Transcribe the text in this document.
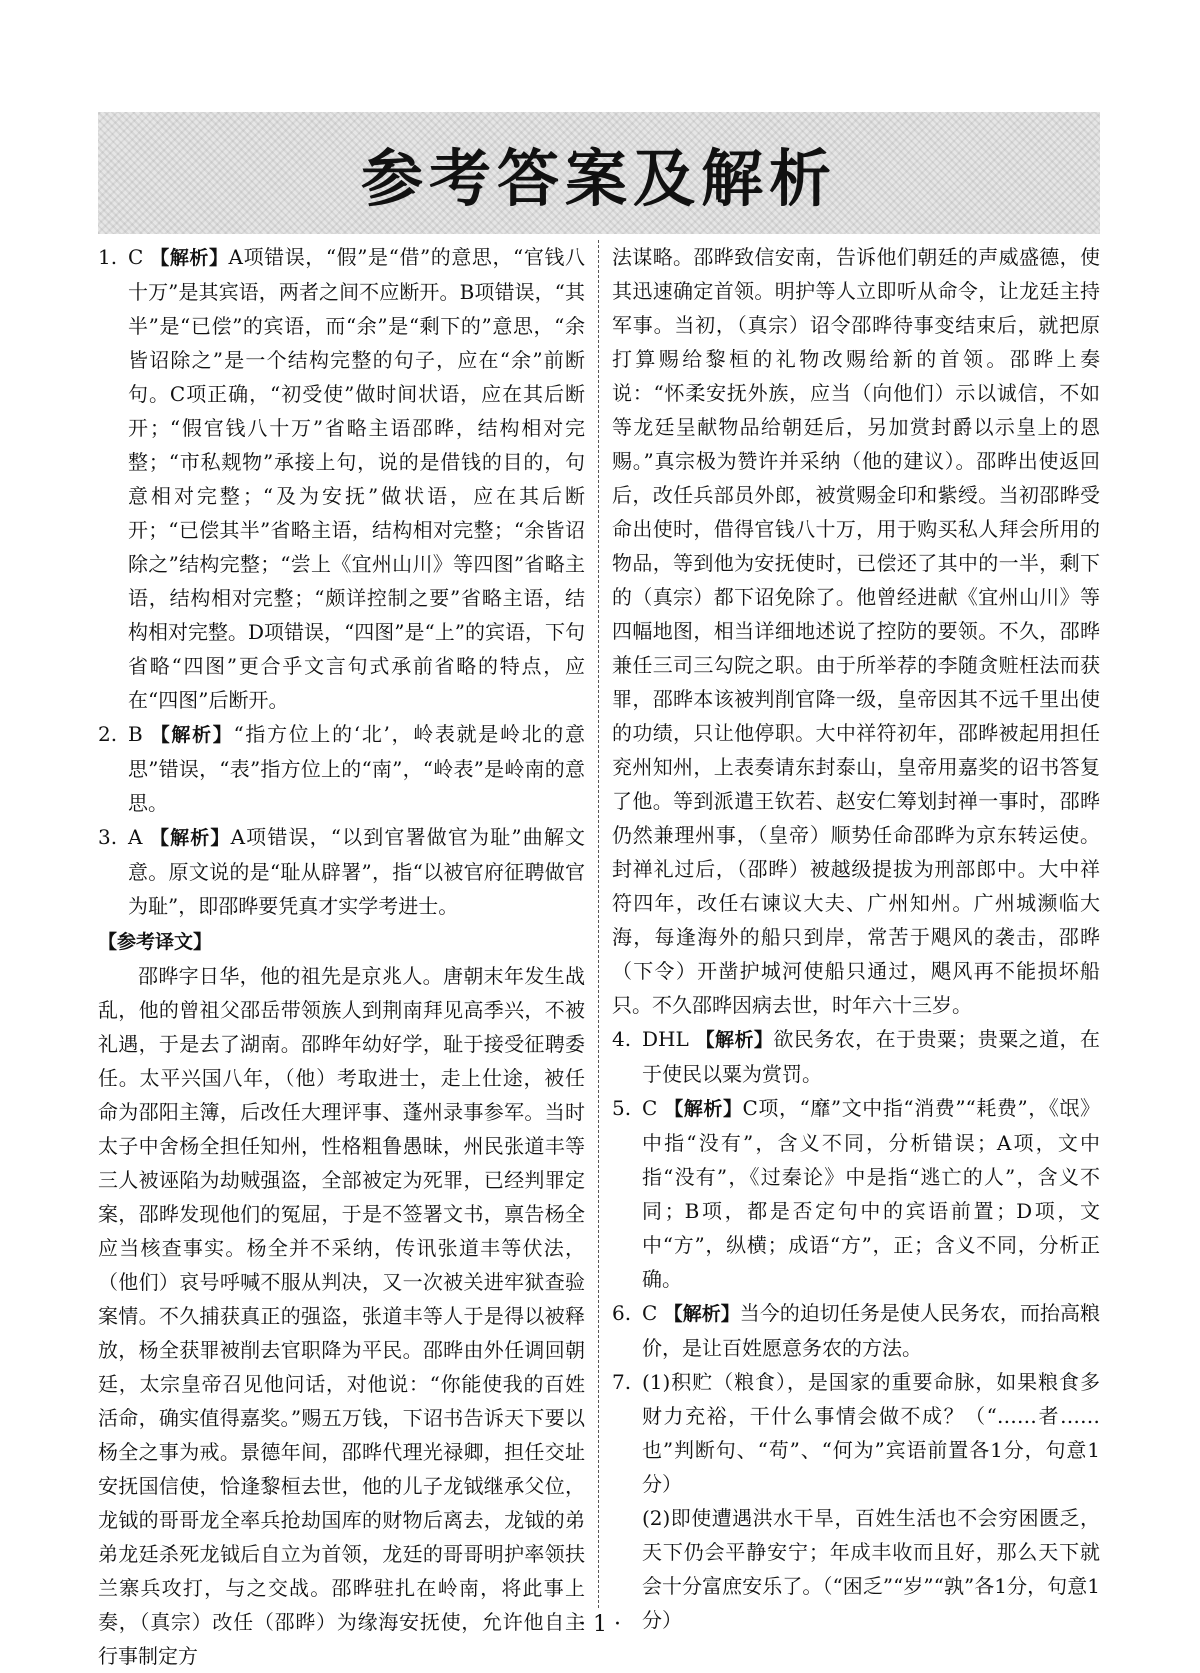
参考答案及解析
1. C 【解析】A项错误，“假”是“借”的意思，“官钱八十万”是其宾语，两者之间不应断开。B项错误，“其半”是“已偿”的宾语，而“余”是“剩下的”意思，“余皆诏除之”是一个结构完整的句子，应在“余”前断句。C项正确，“初受使”做时间状语，应在其后断开；“假官钱八十万”省略主语邵晔，结构相对完整；“市私觌物”承接上句，说的是借钱的目的，句意相对完整；“及为安抚”做状语，应在其后断开；“已偿其半”省略主语，结构相对完整；“余皆诏除之”结构完整；“尝上《宜州山川》等四图”省略主语，结构相对完整；“颇详控制之要”省略主语，结构相对完整。D项错误，“四图”是“上”的宾语，下句省略“四图”更合乎文言句式承前省略的特点，应在“四图”后断开。
2. B 【解析】“指方位上的‘北’，岭表就是岭北的意思”错误，“表”指方位上的“南”，“岭表”是岭南的意思。
3. A 【解析】A项错误，“以到官署做官为耻”曲解文意。原文说的是“耻从辟署”，指“以被官府征聘做官为耻”，即邵晔要凭真才实学考进士。
【参考译文】
邵晔字日华，他的祖先是京兆人。唐朝末年发生战乱，他的曾祖父邵岳带领族人到荆南拜见高季兴，不被礼遇，于是去了湖南。邵晔年幼好学，耻于接受征聘委任。太平兴国八年，（他）考取进士，走上仕途，被任命为邵阳主簿，后改任大理评事、蓬州录事参军。当时太子中舍杨全担任知州，性格粗鲁愚昧，州民张道丰等三人被诬陷为劫贼强盗，全部被定为死罪，已经判罪定案，邵晔发现他们的冤屈，于是不签署文书，禀告杨全应当核查事实。杨全并不采纳，传讯张道丰等伏法，（他们）哀号呼喊不服从判决，又一次被关进牢狱查验案情。不久捕获真正的强盗，张道丰等人于是得以被释放，杨全获罪被削去官职降为平民。邵晔由外任调回朝廷，太宗皇帝召见他问话，对他说：“你能使我的百姓活命，确实值得嘉奖。”赐五万钱，下诏书告诉天下要以杨全之事为戒。景德年间，邵晔代理光禄卿，担任交址安抚国信使，恰逢黎桓去世，他的儿子龙钺继承父位，龙钺的哥哥龙全率兵抢劫国库的财物后离去，龙钺的弟弟龙廷杀死龙钺后自立为首领，龙廷的哥哥明护率领扶兰寨兵攻打，与之交战。邵晔驻扎在岭南，将此事上奏，（真宗）改任（邵晔）为缘海安抚使，允许他自主行事制定方
法谋略。邵晔致信安南，告诉他们朝廷的声威盛德，使其迅速确定首领。明护等人立即听从命令，让龙廷主持军事。当初，（真宗）诏令邵晔待事变结束后，就把原打算赐给黎桓的礼物改赐给新的首领。邵晔上奏说：“怀柔安抚外族，应当（向他们）示以诚信，不如等龙廷呈献物品给朝廷后，另加赏封爵以示皇上的恩赐。”真宗极为赞许并采纳（他的建议）。邵晔出使返回后，改任兵部员外郎，被赏赐金印和紫绶。当初邵晔受命出使时，借得官钱八十万，用于购买私人拜会所用的物品，等到他为安抚使时，已偿还了其中的一半，剩下的（真宗）都下诏免除了。他曾经进献《宜州山川》等四幅地图，相当详细地述说了控防的要领。不久，邵晔兼任三司三勾院之职。由于所举荐的李随贪赃枉法而获罪，邵晔本该被判削官降一级，皇帝因其不远千里出使的功绩，只让他停职。大中祥符初年，邵晔被起用担任兖州知州，上表奏请东封泰山，皇帝用嘉奖的诏书答复了他。等到派遣王钦若、赵安仁筹划封禅一事时，邵晔仍然兼理州事，（皇帝）顺势任命邵晔为京东转运使。封禅礼过后，（邵晔）被越级提拔为刑部郎中。大中祥符四年，改任右谏议大夫、广州知州。广州城濒临大海，每逢海外的船只到岸，常苦于飓风的袭击，邵晔（下令）开凿护城河使船只通过，飓风再不能损坏船只。不久邵晔因病去世，时年六十三岁。
4. DHL 【解析】欲民务农，在于贵粟；贵粟之道，在于使民以粟为赏罚。
5. C 【解析】C项，“靡”文中指“消费”“耗费”，《氓》中指“没有”，含义不同，分析错误；A项，文中指“没有”，《过秦论》中是指“逃亡的人”，含义不同；B项，都是否定句中的宾语前置；D项，文中“方”，纵横；成语“方”，正；含义不同，分析正确。
6. C 【解析】当今的迫切任务是使人民务农，而抬高粮价，是让百姓愿意务农的方法。
7. (1)积贮（粮食），是国家的重要命脉，如果粮食多财力充裕，干什么事情会做不成？（“……者……也”判断句、“苟”、“何为”宾语前置各1分，句意1分）
(2)即使遭遇洪水干旱，百姓生活也不会穷困匮乏，天下仍会平静安宁；年成丰收而且好，那么天下就会十分富庶安乐了。（“困乏”“岁”“孰”各1分，句意1分）
· 1 ·
